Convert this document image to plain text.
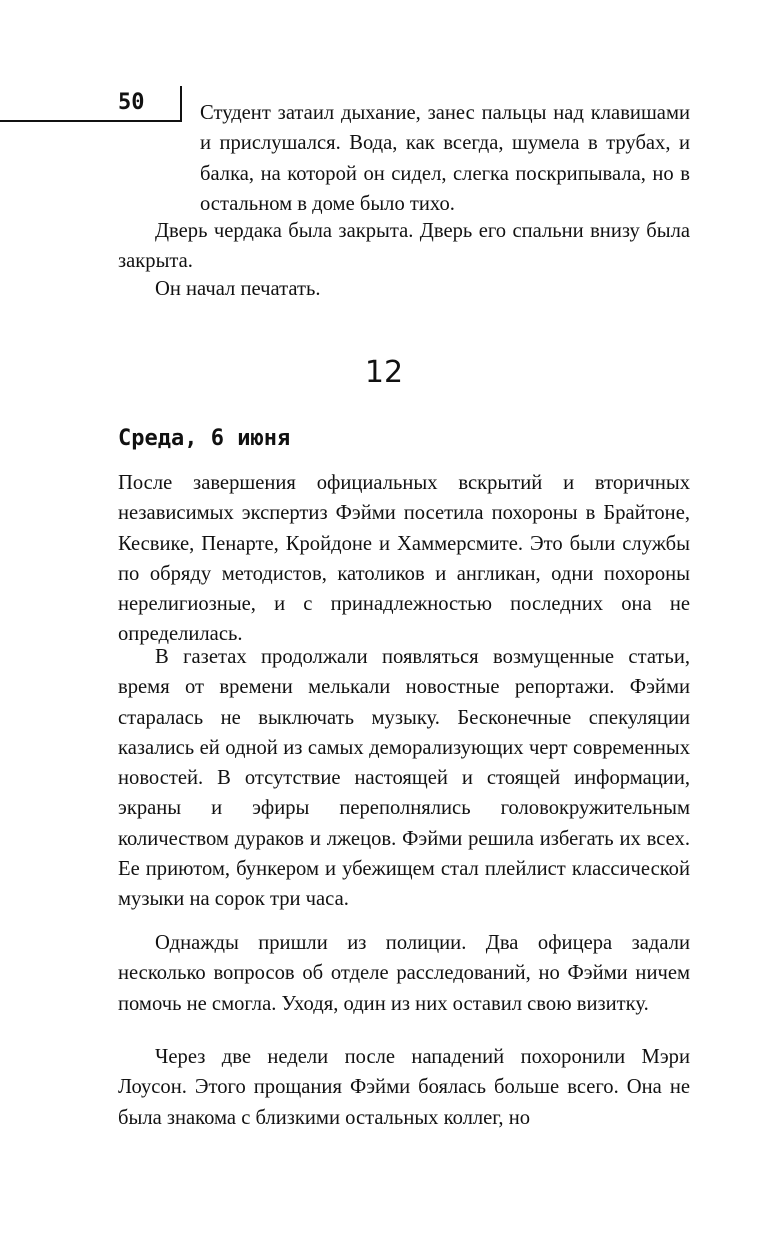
50	Студент затаил дыхание, занес пальцы над клавишами и прислушался. Вода, как всегда, шумела в трубах, и балка, на которой он сидел, слегка поскрипывала, но в остальном в доме было тихо.

Дверь чердака была закрыта. Дверь его спальни внизу была закрыта.

Он начал печатать.

12
Среда, 6 июня

После завершения официальных вскрытий и вторичных независимых экспертиз Фэйми посетила похороны в Брайтоне, Кесвике, Пенарте, Кройдоне и Хаммерсмите. Это были службы по обряду методистов, католиков и англикан, одни похороны нерелигиозные, и с принадлежностью последних она не определилась.

В газетах продолжали появляться возмущенные статьи, время от времени мелькали новостные репортажи. Фэйми старалась не выключать музыку. Бесконечные спекуляции казались ей одной из самых деморализующих черт современных новостей. В отсутствие настоящей и стоящей информации, экраны и эфиры переполнялись головокружительным количеством дураков и лжецов. Фэйми решила избегать их всех. Ее приютом, бункером и убежищем стал плейлист классической музыки на сорок три часа.

Однажды пришли из полиции. Два офицера задали несколько вопросов об отделе расследований, но Фэйми ничем помочь не смогла. Уходя, один из них оставил свою визитку.

Через две недели после нападений похоронили Мэри Лоусон. Этого прощания Фэйми боялась больше всего. Она не была знакома с близкими остальных коллег, но
